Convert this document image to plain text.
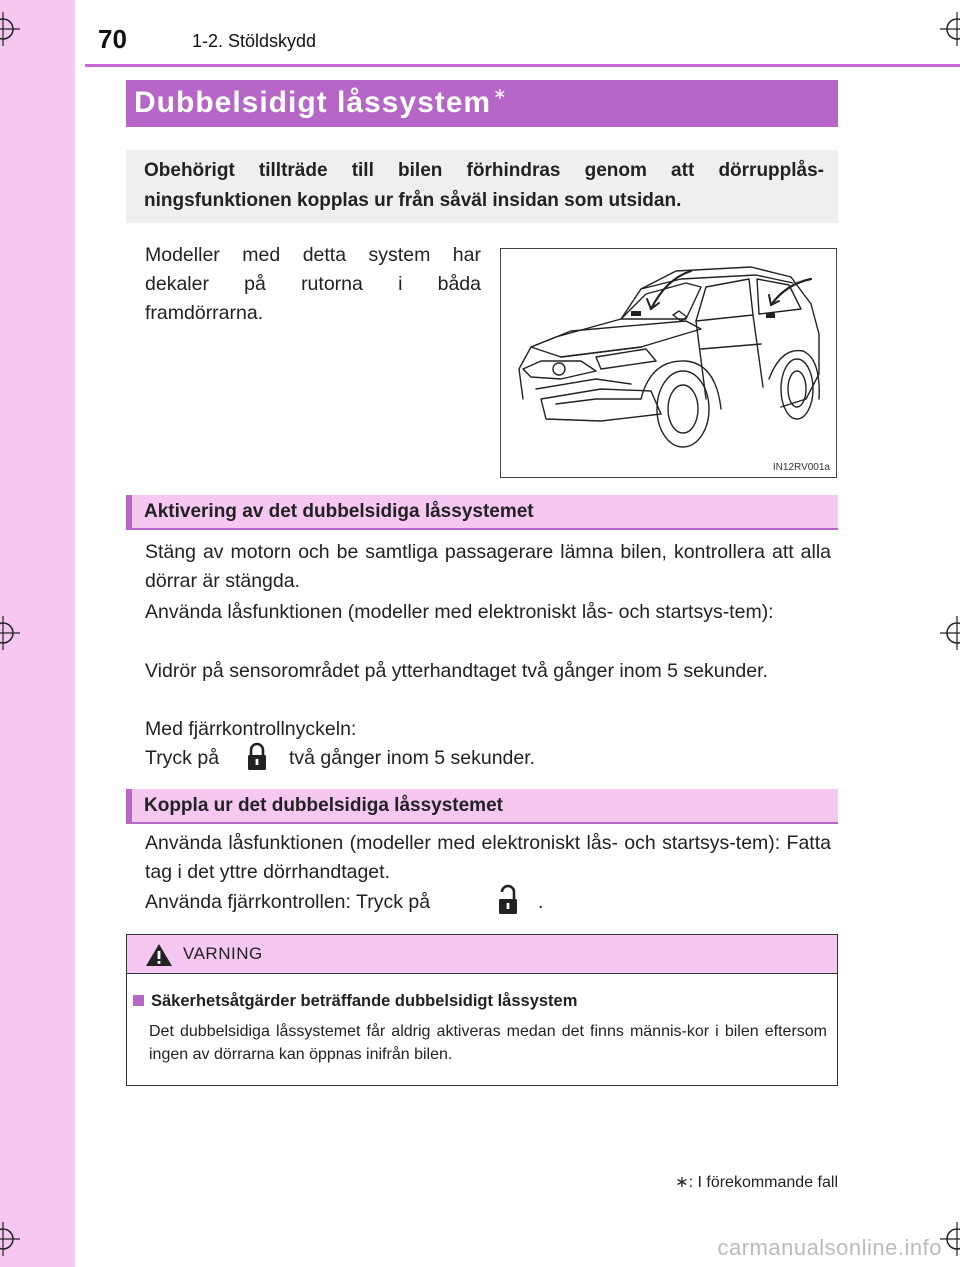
70	1-2. Stöldskydd
Dubbelsidigt låssystem ∗
Obehörigt tillträde till bilen förhindras genom att dörrupplås-ningsfunktionen kopplas ur från såväl insidan som utsidan.
Modeller med detta system har dekaler på rutorna i båda framdörrarna.
IN12RV001a
Aktivering av det dubbelsidiga låssystemet
Stäng av motorn och be samtliga passagerare lämna bilen, kontrollera att alla dörrar är stängda.
Använda låsfunktionen (modeller med elektroniskt lås- och startsys-tem):
Vidrör på sensorområdet på ytterhandtaget två gånger inom 5 sekunder.
Med fjärrkontrollnyckeln:
Tryck på	två gånger inom 5 sekunder.
Koppla ur det dubbelsidiga låssystemet
Använda låsfunktionen (modeller med elektroniskt lås- och startsys-tem): Fatta tag i det yttre dörrhandtaget.
Använda fjärrkontrollen: Tryck på	.
VARNING
Säkerhetsåtgärder beträffande dubbelsidigt låssystem
Det dubbelsidiga låssystemet får aldrig aktiveras medan det finns männis-kor i bilen eftersom ingen av dörrarna kan öppnas inifrån bilen.
∗: I förekommande fall
carmanualsonline.info
